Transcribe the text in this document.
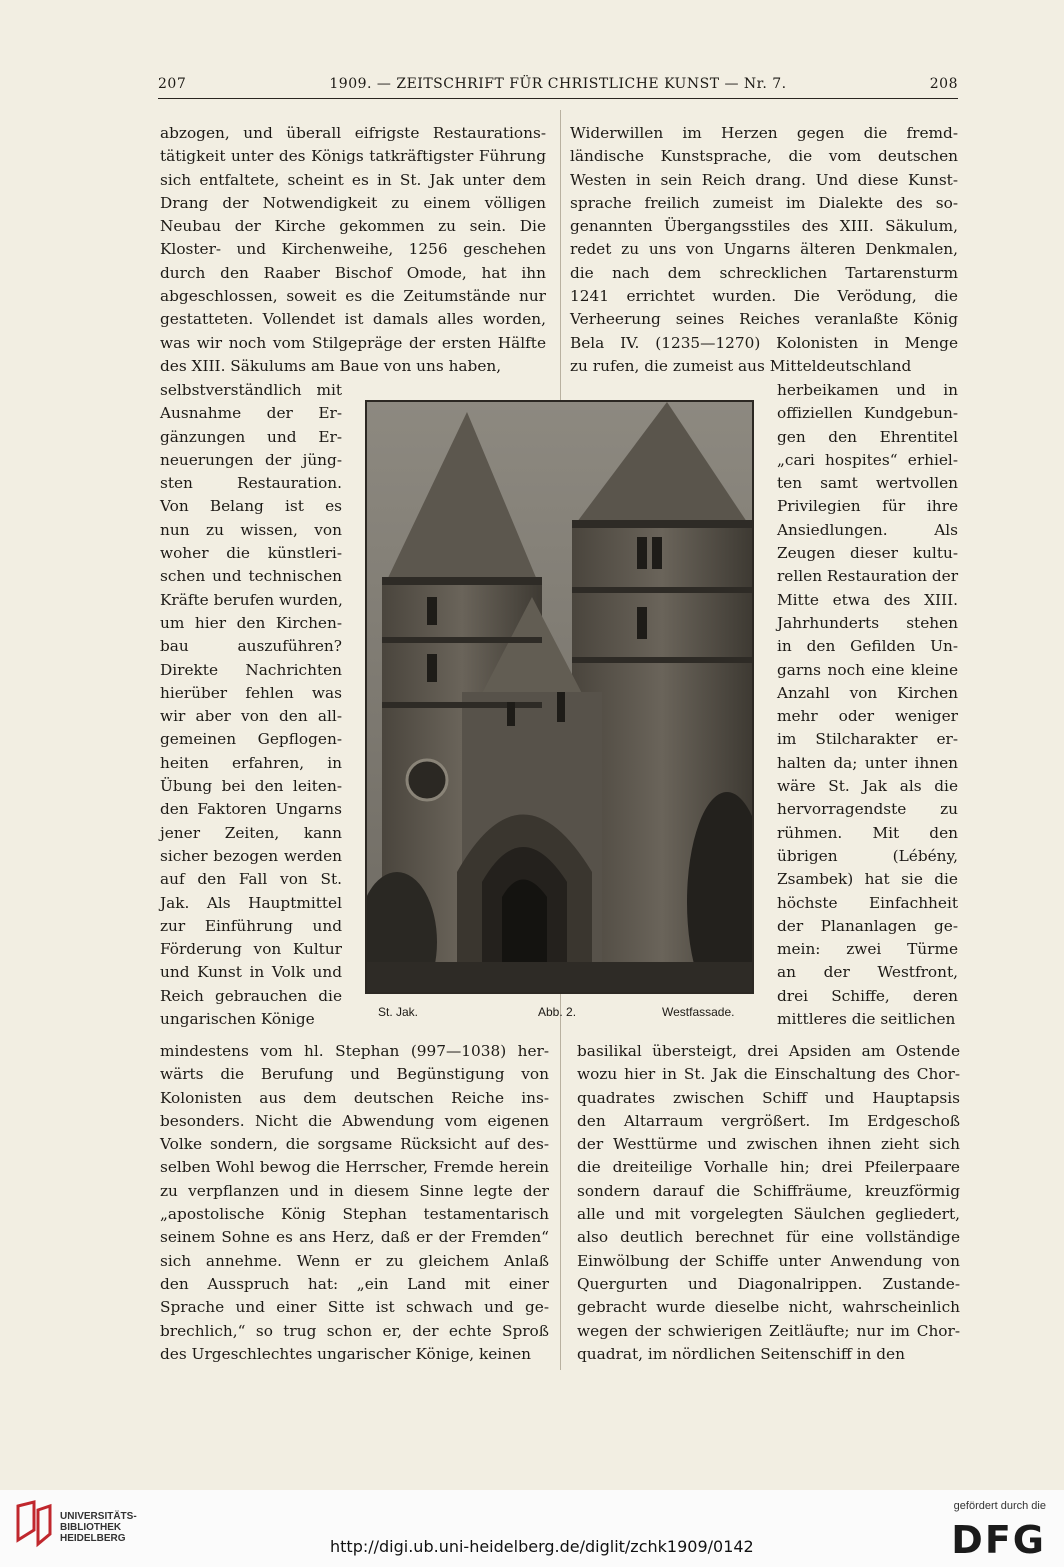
207	1909. — ZEITSCHRIFT FÜR CHRISTLICHE KUNST — Nr. 7.	208
abzogen, und überall eifrigste Restaurations-
tätigkeit unter des Königs tatkräftigster Führung
sich entfaltete, scheint es in St. Jak unter dem
Drang der Notwendigkeit zu einem völligen
Neubau der Kirche gekommen zu sein. Die
Kloster- und Kirchenweihe, 1256 geschehen
durch den Raaber Bischof Omode, hat ihn
abgeschlossen, soweit es die Zeitumstände nur
gestatteten. Vollendet ist damals alles worden,
was wir noch vom Stilgepräge der ersten Hälfte
des XIII. Säkulums am Baue von uns haben,
Widerwillen im Herzen gegen die fremd-
ländische Kunstsprache, die vom deutschen
Westen in sein Reich drang. Und diese Kunst-
sprache freilich zumeist im Dialekte des so-
genannten Übergangsstiles des XIII. Säkulum,
redet zu uns von Ungarns älteren Denkmalen,
die nach dem schrecklichen Tartarensturm
1241 errichtet wurden. Die Verödung, die
Verheerung seines Reiches veranlaßte König
Bela IV. (1235—1270) Kolonisten in Menge
zu rufen, die zumeist aus Mitteldeutschland
selbstverständlich mit
Ausnahme der Er-
gänzungen und Er-
neuerungen der jüng-
sten Restauration.
Von Belang ist es
nun zu wissen, von
woher die künstleri-
schen und technischen
Kräfte berufen wurden,
um hier den Kirchen-
bau auszuführen?
Direkte Nachrichten
hierüber fehlen was
wir aber von den all-
gemeinen Gepflogen-
heiten erfahren, in
Übung bei den leiten-
den Faktoren Ungarns
jener Zeiten, kann
sicher bezogen werden
auf den Fall von St.
Jak. Als Hauptmittel
zur Einführung und
Förderung von Kultur
und Kunst in Volk und
Reich gebrauchen die
ungarischen Könige
herbeikamen und in
offiziellen Kundgebun-
gen den Ehrentitel
„cari hospites“ erhiel-
ten samt wertvollen
Privilegien für ihre
Ansiedlungen. Als
Zeugen dieser kultu-
rellen Restauration der
Mitte etwa des XIII.
Jahrhunderts stehen
in den Gefilden Un-
garns noch eine kleine
Anzahl von Kirchen
mehr oder weniger
im Stilcharakter er-
halten da; unter ihnen
wäre St. Jak als die
hervorragendste zu
rühmen. Mit den
übrigen (Lébény,
Zsambek) hat sie die
höchste Einfachheit
der Plananlagen ge-
mein: zwei Türme
an der Westfront,
drei Schiffe, deren
mittleres die seitlichen
mindestens vom hl. Stephan (997—1038) her-
wärts die Berufung und Begünstigung von
Kolonisten aus dem deutschen Reiche ins-
besonders. Nicht die Abwendung vom eigenen
Volke sondern, die sorgsame Rücksicht auf des-
selben Wohl bewog die Herrscher, Fremde herein
zu verpflanzen und in diesem Sinne legte der
„apostolische König Stephan testamentarisch
seinem Sohne es ans Herz, daß er der Fremden“
sich annehme. Wenn er zu gleichem Anlaß
den Ausspruch hat: „ein Land mit einer
Sprache und einer Sitte ist schwach und ge-
brechlich,“ so trug schon er, der echte Sproß
des Urgeschlechtes ungarischer Könige, keinen
basilikal übersteigt, drei Apsiden am Ostende
wozu hier in St. Jak die Einschaltung des Chor-
quadrates zwischen Schiff und Hauptapsis
den Altarraum vergrößert. Im Erdgeschoß
der Westtürme und zwischen ihnen zieht sich
die dreiteilige Vorhalle hin; drei Pfeilerpaare
sondern darauf die Schiffräume, kreuzförmig
alle und mit vorgelegten Säulchen gegliedert,
also deutlich berechnet für eine vollständige
Einwölbung der Schiffe unter Anwendung von
Quergurten und Diagonalrippen. Zustande-
gebracht wurde dieselbe nicht, wahrscheinlich
wegen der schwierigen Zeitläufte; nur im Chor-
quadrat, im nördlichen Seitenschiff in den
St. Jak.	Abb. 2.	Westfassade.
UNIVERSITÄTS-
BIBLIOTHEK
HEIDELBERG	http://digi.ub.uni-heidelberg.de/diglit/zchk1909/0142
gefördert durch die
DFG
